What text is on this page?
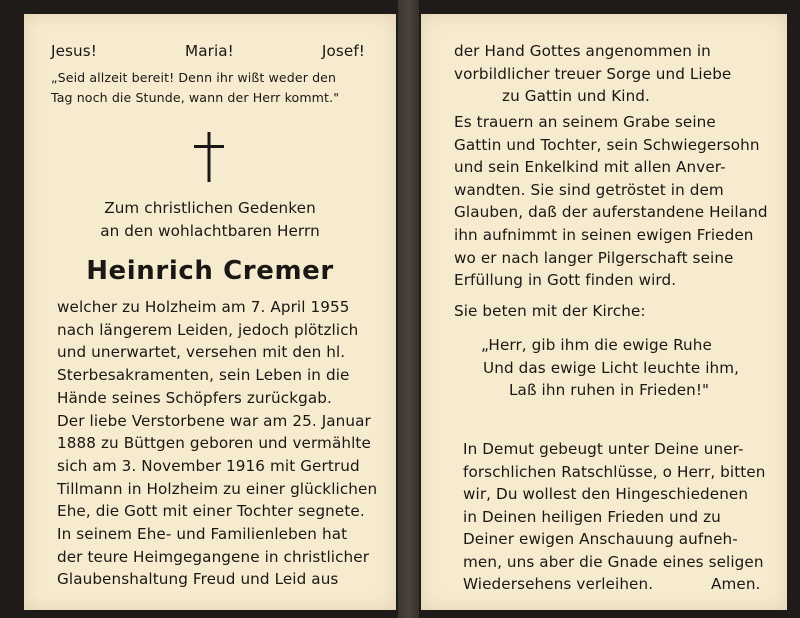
Jesus!	Maria!	Josef!
„Seid allzeit bereit! Denn ihr wißt weder den
Tag noch die Stunde, wann der Herr kommt."
Zum christlichen Gedenken
an den wohlachtbaren Herrn
Heinrich Cremer
welcher zu Holzheim am 7. April 1955
nach längerem Leiden, jedoch plötzlich
und unerwartet, versehen mit den hl.
Sterbesakramenten, sein Leben in die
Hände seines Schöpfers zurückgab.
Der liebe Verstorbene war am 25. Januar
1888 zu Büttgen geboren und vermählte
sich am 3. November 1916 mit Gertrud
Tillmann in Holzheim zu einer glücklichen
Ehe, die Gott mit einer Tochter segnete.
In seinem Ehe- und Familienleben hat
der teure Heimgegangene in christlicher
Glaubenshaltung Freud und Leid aus
der Hand Gottes angenommen in
vorbildlicher treuer Sorge und Liebe
zu Gattin und Kind.
Es trauern an seinem Grabe seine
Gattin und Tochter, sein Schwiegersohn
und sein Enkelkind mit allen Anver-
wandten. Sie sind getröstet in dem
Glauben, daß der auferstandene Heiland
ihn aufnimmt in seinen ewigen Frieden
wo er nach langer Pilgerschaft seine
Erfüllung in Gott finden wird.
Sie beten mit der Kirche:
„Herr, gib ihm die ewige Ruhe
Und das ewige Licht leuchte ihm,
Laß ihn ruhen in Frieden!"
In Demut gebeugt unter Deine uner-
forschlichen Ratschlüsse, o Herr, bitten
wir, Du wollest den Hingeschiedenen
in Deinen heiligen Frieden und zu
Deiner ewigen Anschauung aufneh-
men, uns aber die Gnade eines seligen
Wiedersehens verleihen.	Amen.
